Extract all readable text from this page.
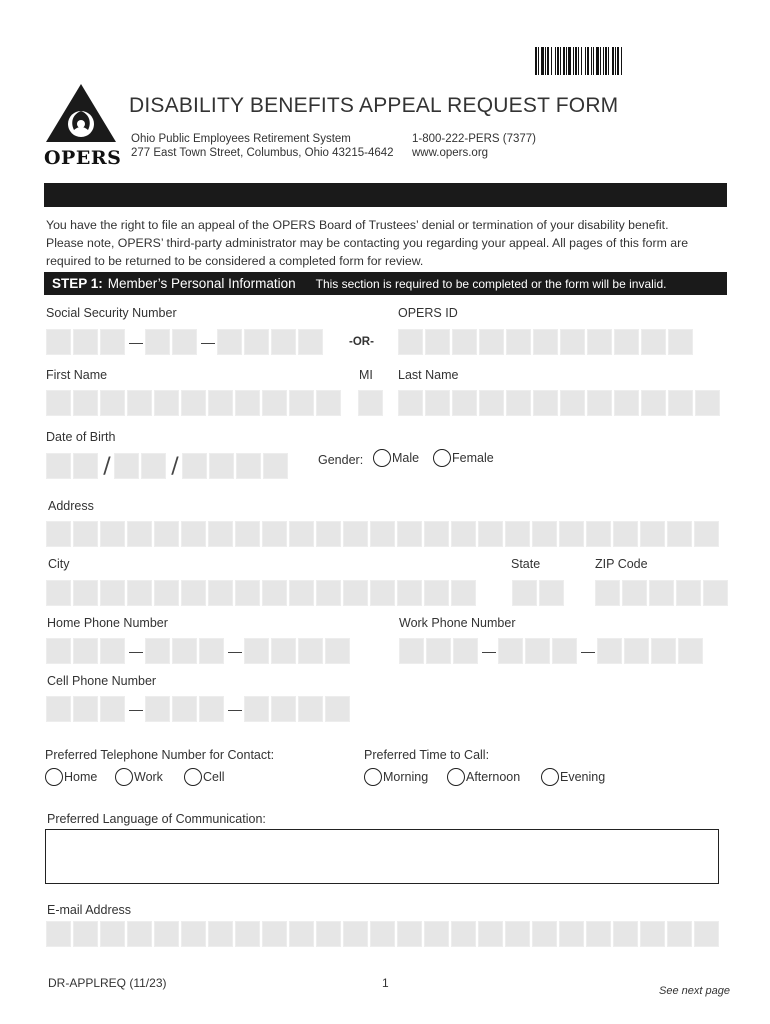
OPERS
DISABILITY BENEFITS APPEAL REQUEST FORM
Ohio Public Employees Retirement System
277 East Town Street, Columbus, Ohio 43215-4642
1-800-222-PERS (7377)
www.opers.org
You have the right to file an appeal of the OPERS Board of Trustees’ denial or termination of your disability benefit.
Please note, OPERS’ third-party administrator may be contacting you regarding your appeal. All pages of this form are
required to be returned to be considered a completed form for review.
STEP 1: Member’s Personal Information This section is required to be completed or the form will be invalid.
Social Security Number	OPERS ID
—	—	-OR-
First Name	MI Last Name
Date of Birth
/	/	Gender: Male	Female
Address
City	State	ZIP Code
Home Phone Number	Work Phone Number
—	—	—	—
Cell Phone Number
—	—
Preferred Telephone Number for Contact:	Preferred Time to Call:
Home	Work	Cell	Morning	Afternoon	Evening
Preferred Language of Communication:
E-mail Address
DR-APPLREQ (11/23)	1
See next page
